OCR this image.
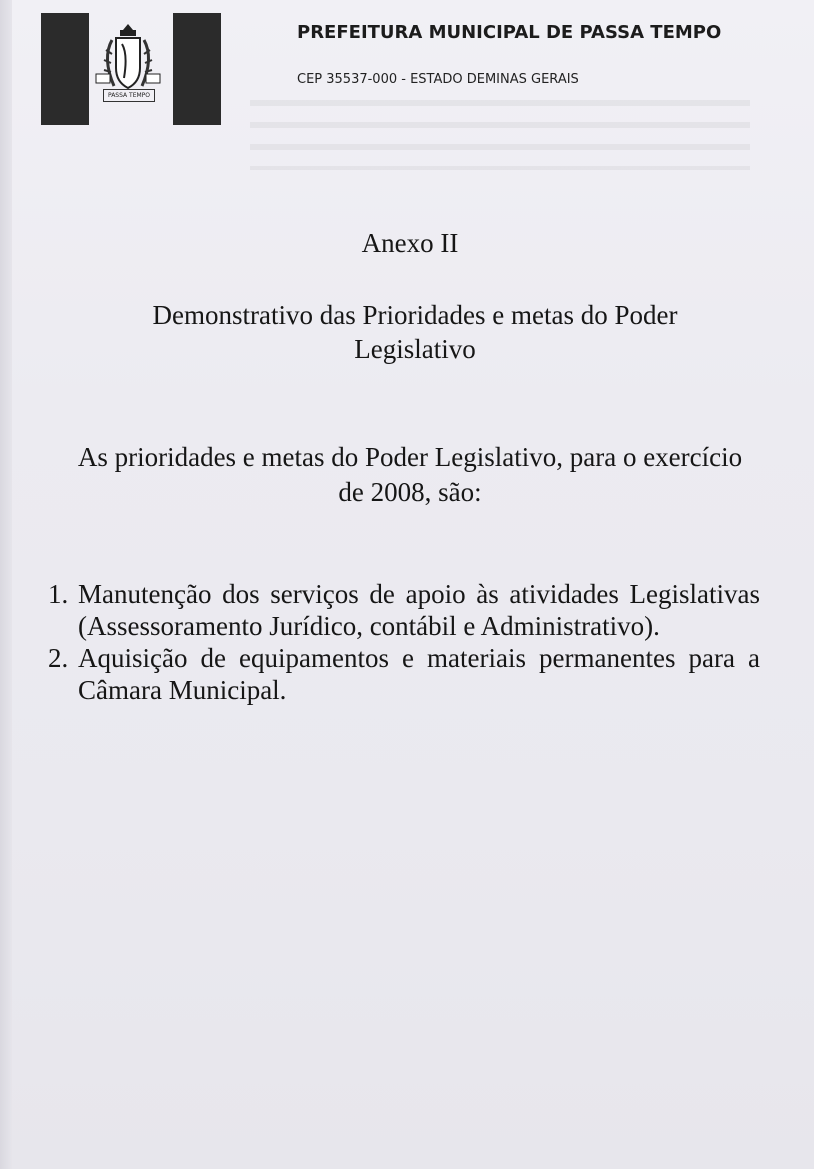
PASSA TEMPO
PREFEITURA MUNICIPAL DE PASSA TEMPO
CEP 35537-000 - ESTADO DEMINAS GERAIS
Anexo II
Demonstrativo das Prioridades e metas do Poder Legislativo

As prioridades e metas do Poder Legislativo, para o exercício de 2008, são:

1. Manutenção dos serviços de apoio às atividades Legislativas (Assessoramento Jurídico, contábil e Administrativo).
2. Aquisição de equipamentos e materiais permanentes para a Câmara Municipal.
